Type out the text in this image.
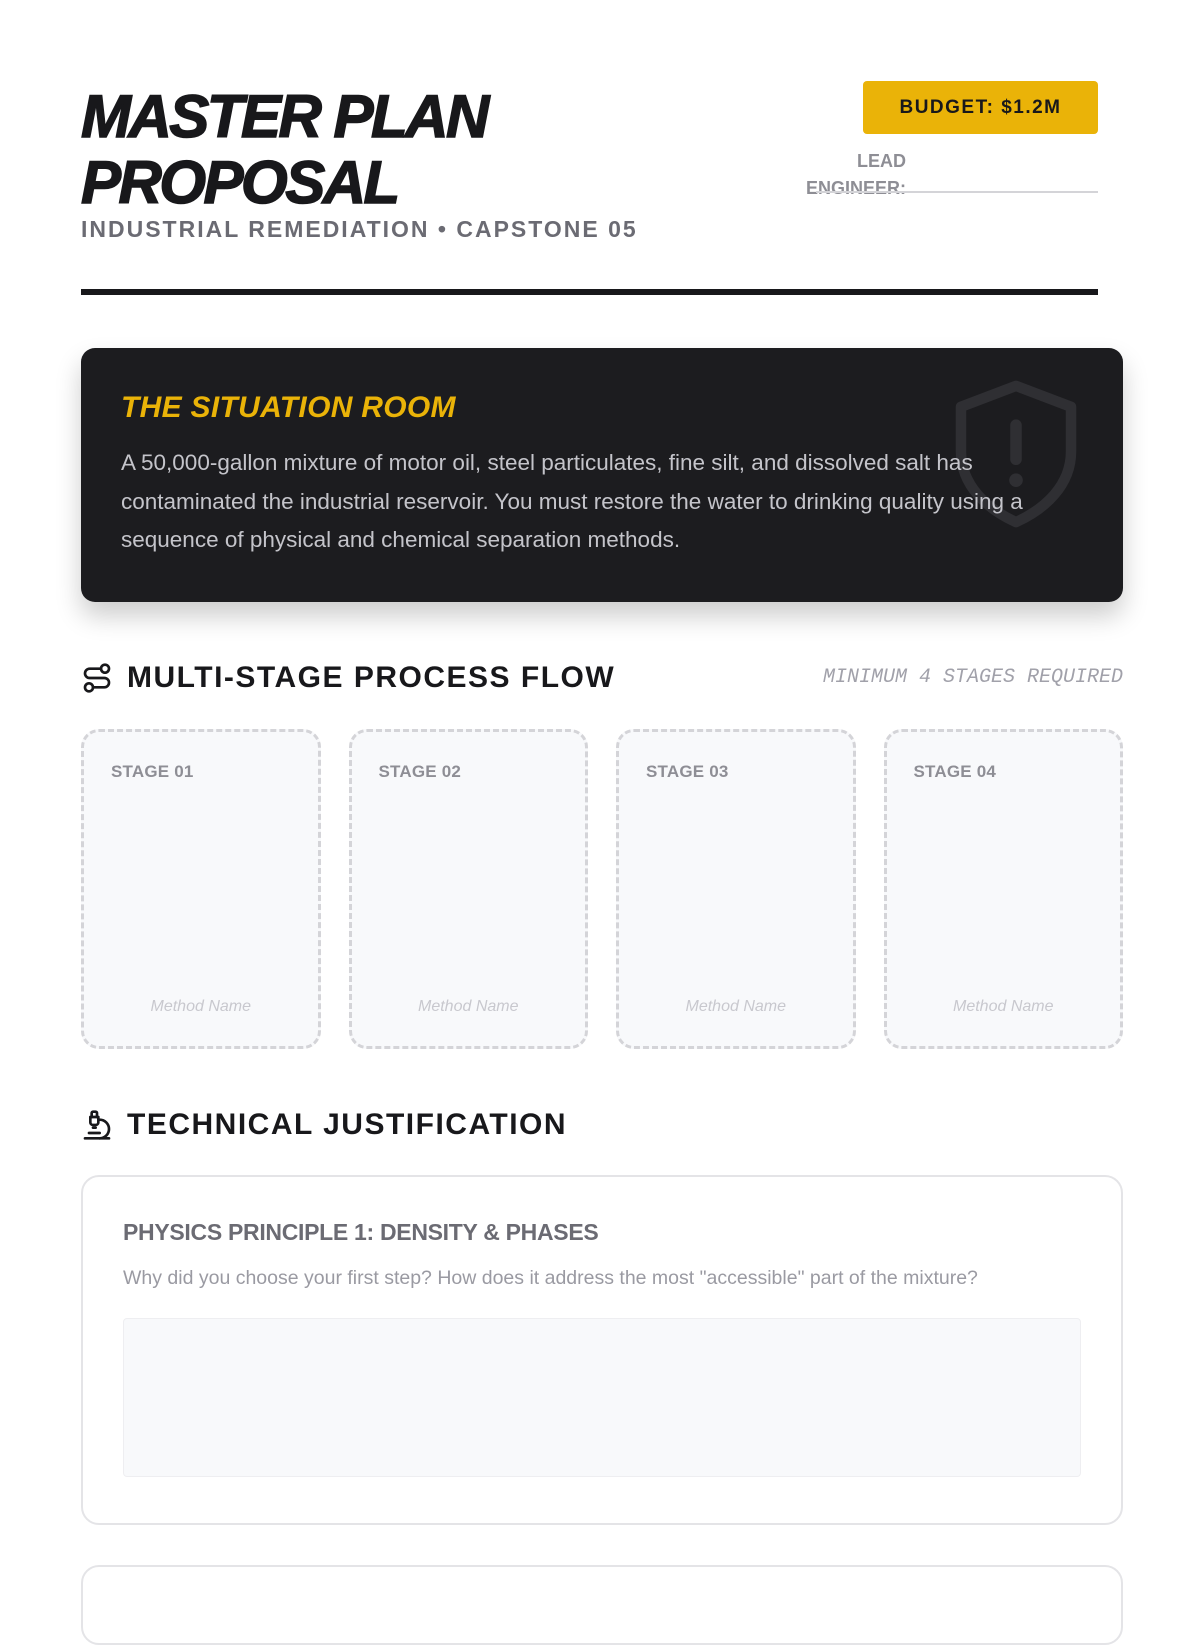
MASTER PLAN
PROPOSAL
INDUSTRIAL REMEDIATION • CAPSTONE 05
BUDGET: $1.2M
LEAD
ENGINEER:
THE SITUATION ROOM

A 50,000-gallon mixture of motor oil, steel particulates, fine silt, and dissolved salt has contaminated the industrial reservoir. You must restore the water to drinking quality using a sequence of physical and chemical separation methods.

MULTI-STAGE PROCESS FLOW	MINIMUM 4 STAGES REQUIRED
STAGE 01
Method Name
STAGE 02
Method Name
STAGE 03
Method Name
STAGE 04
Method Name
TECHNICAL JUSTIFICATION
PHYSICS PRINCIPLE 1: DENSITY & PHASES

Why did you choose your first step? How does it address the most "accessible" part of the mixture?
